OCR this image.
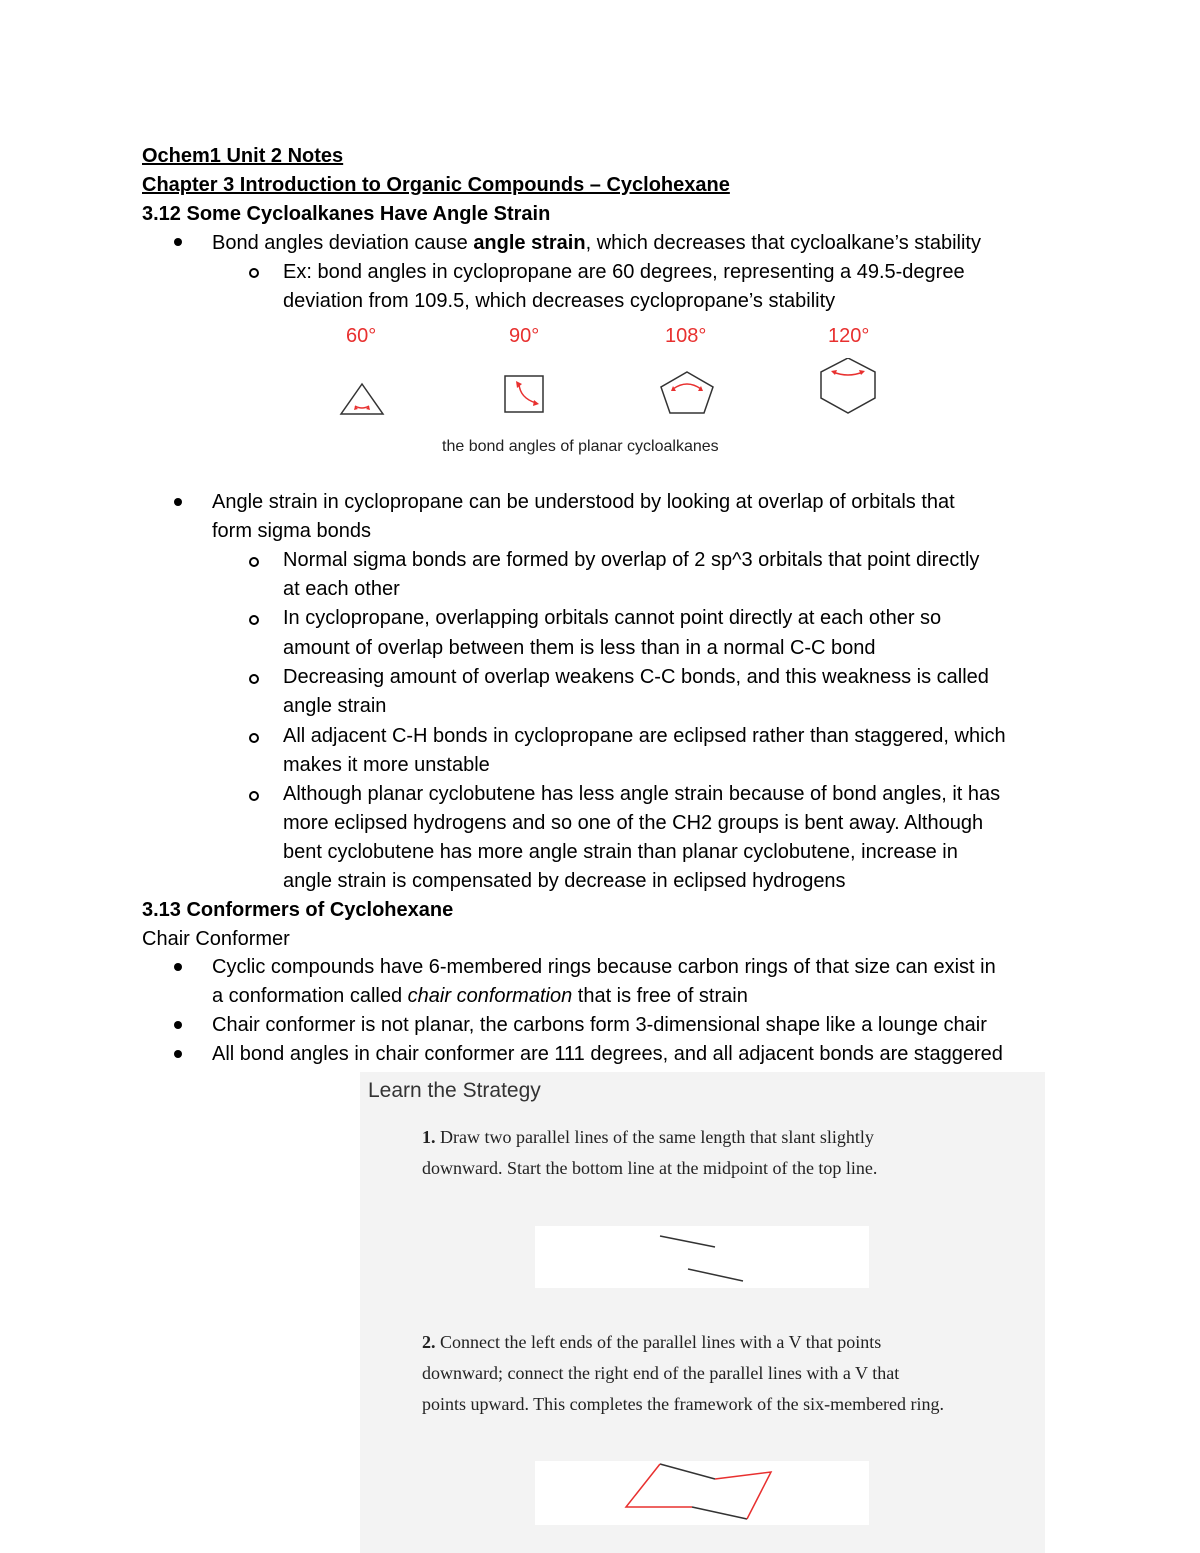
Ochem1 Unit 2 Notes
Chapter 3 Introduction to Organic Compounds – Cyclohexane
3.12 Some Cycloalkanes Have Angle Strain
Bond angles deviation cause angle strain, which decreases that cycloalkane’s stability
Ex: bond angles in cyclopropane are 60 degrees, representing a 49.5-degree
deviation from 109.5, which decreases cyclopropane’s stability
60°	90°	108°	120°
the bond angles of planar cycloalkanes
Angle strain in cyclopropane can be understood by looking at overlap of orbitals that
form sigma bonds
Normal sigma bonds are formed by overlap of 2 sp^3 orbitals that point directly
at each other
In cyclopropane, overlapping orbitals cannot point directly at each other so
amount of overlap between them is less than in a normal C-C bond
Decreasing amount of overlap weakens C-C bonds, and this weakness is called
angle strain
All adjacent C-H bonds in cyclopropane are eclipsed rather than staggered, which
makes it more unstable
Although planar cyclobutene has less angle strain because of bond angles, it has
more eclipsed hydrogens and so one of the CH2 groups is bent away. Although
bent cyclobutene has more angle strain than planar cyclobutene, increase in
angle strain is compensated by decrease in eclipsed hydrogens
3.13 Conformers of Cyclohexane
Chair Conformer
Cyclic compounds have 6-membered rings because carbon rings of that size can exist in
a conformation called chair conformation that is free of strain
Chair conformer is not planar, the carbons form 3-dimensional shape like a lounge chair
All bond angles in chair conformer are 111 degrees, and all adjacent bonds are staggered
Learn the Strategy
1. Draw two parallel lines of the same length that slant slightly
downward. Start the bottom line at the midpoint of the top line.
2. Connect the left ends of the parallel lines with a V that points
downward; connect the right end of the parallel lines with a V that
points upward. This completes the framework of the six-membered ring.
